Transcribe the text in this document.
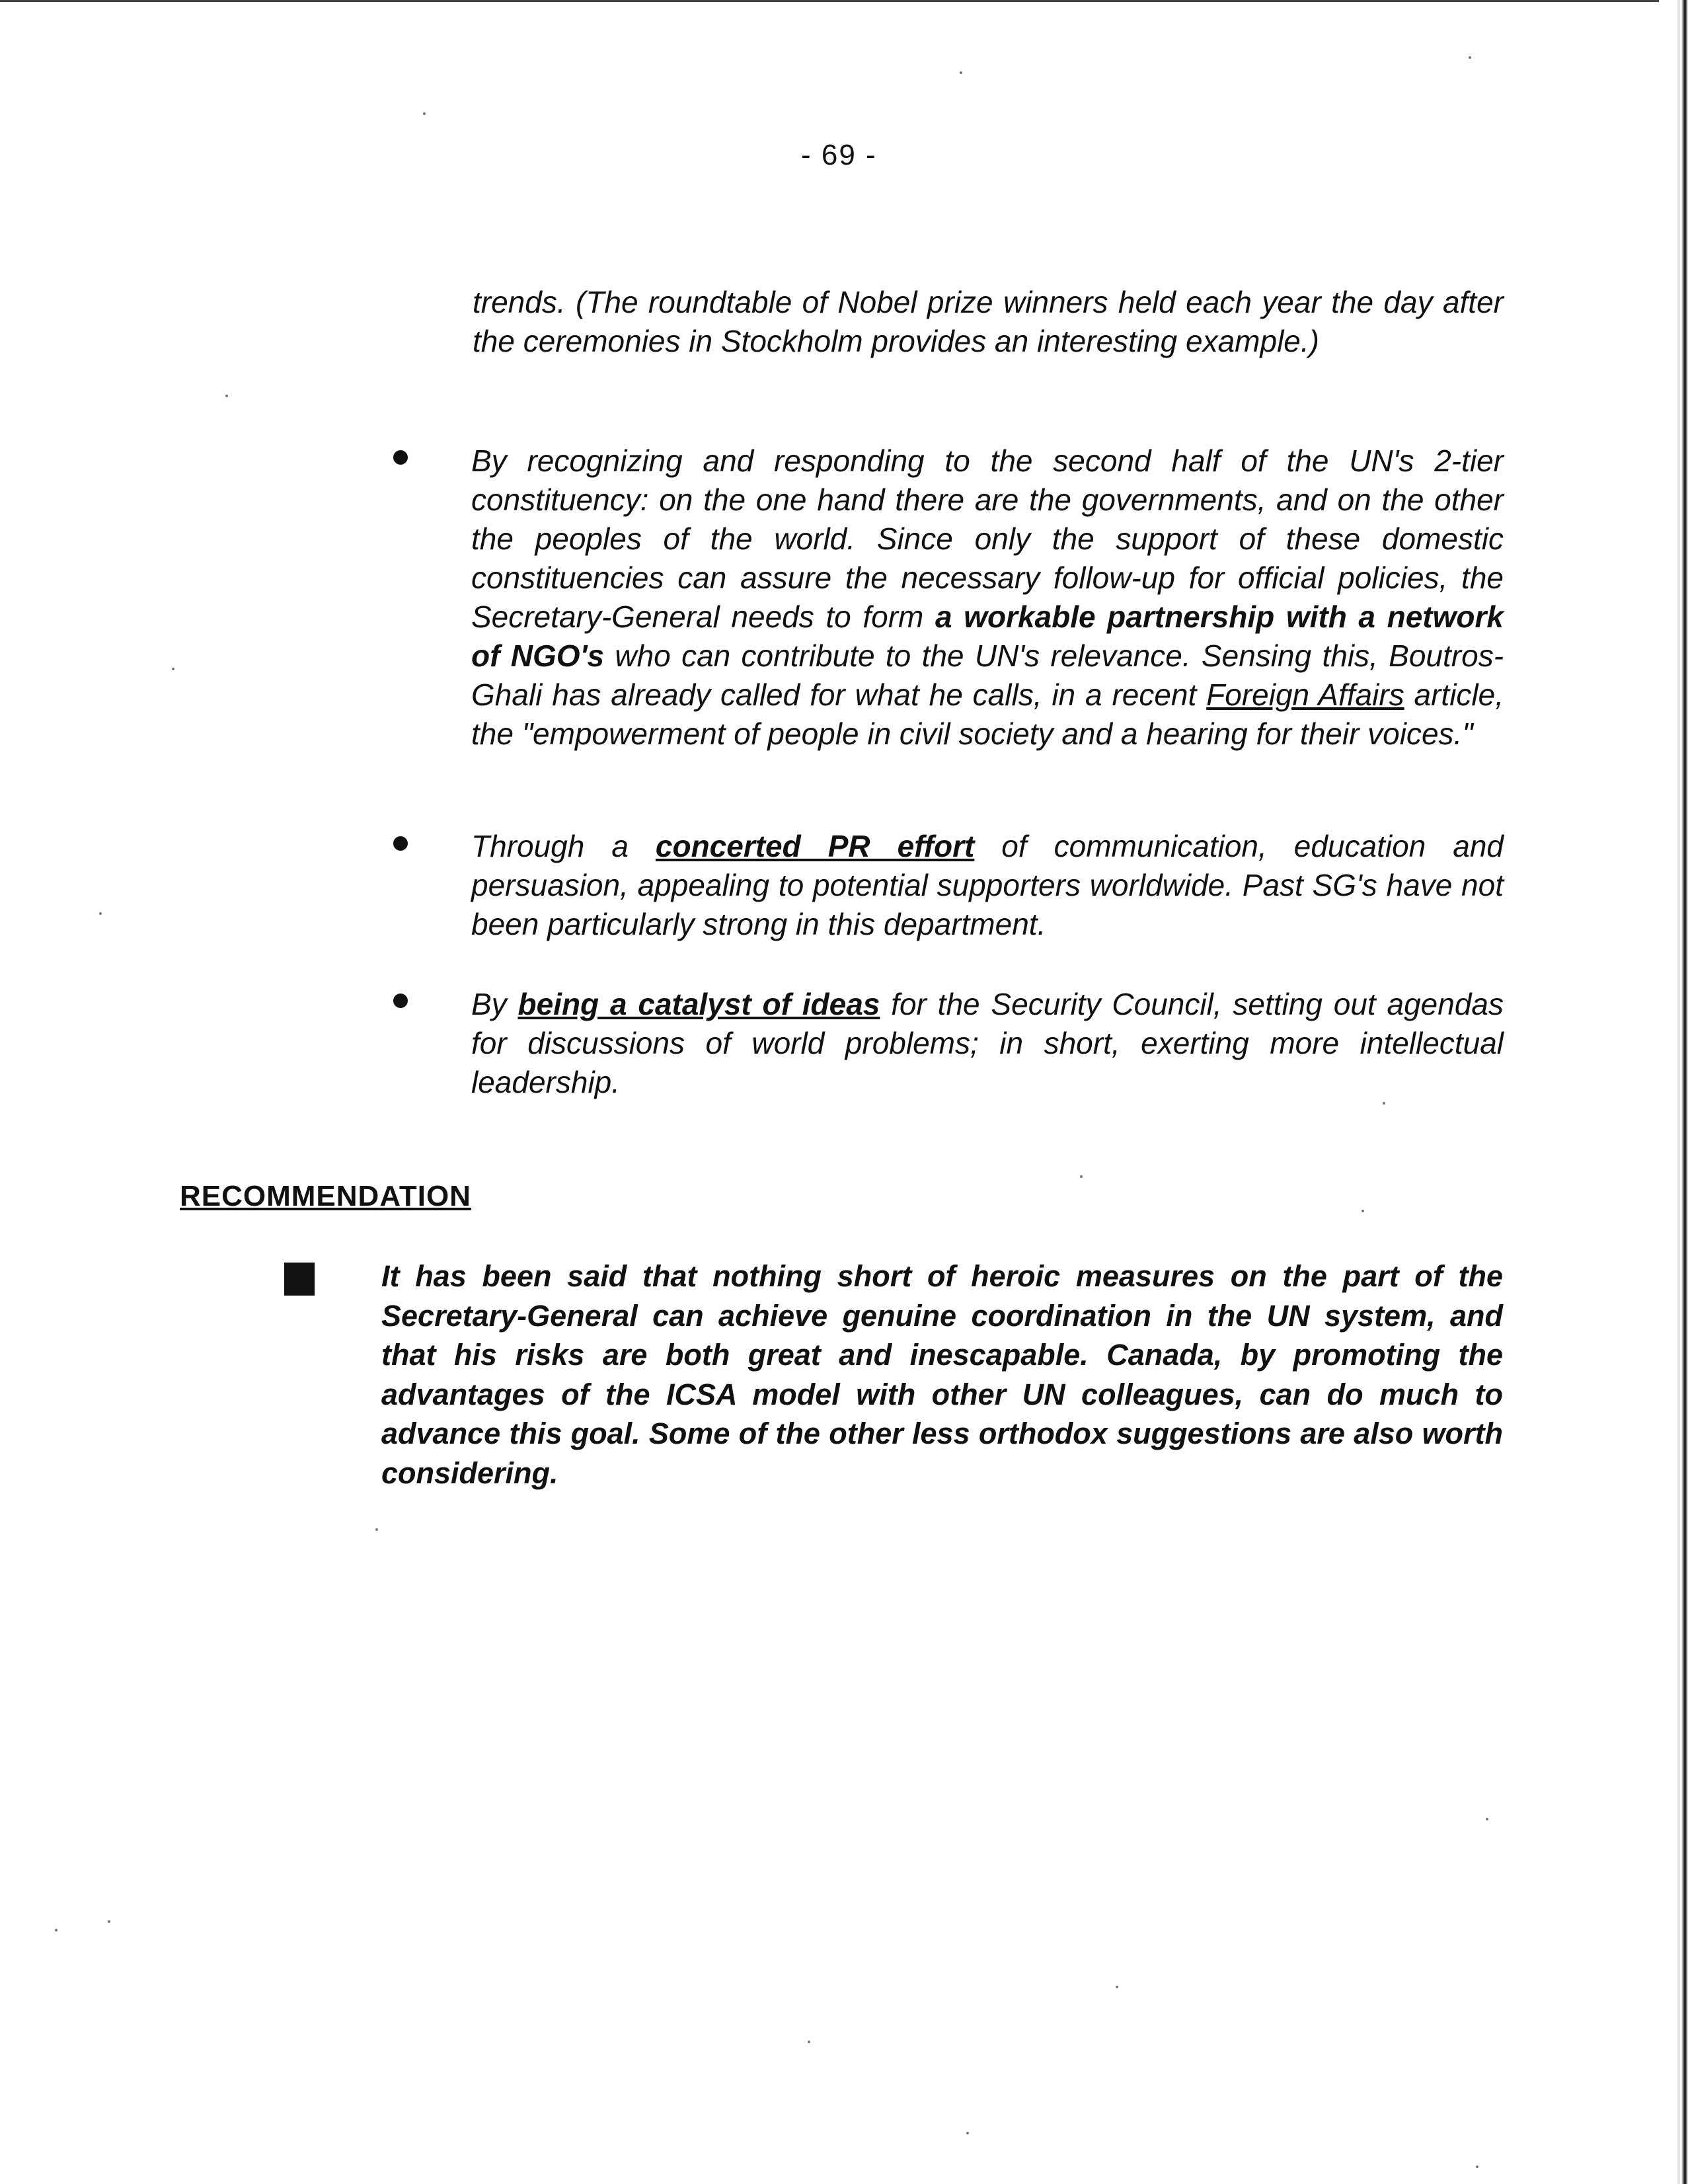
- 69 -

trends. (The roundtable of Nobel prize winners held each year the day after the ceremonies in Stockholm provides an interesting example.)

By recognizing and responding to the second half of the UN's 2-tier constituency: on the one hand there are the governments, and on the other the peoples of the world. Since only the support of these domestic constituencies can assure the necessary follow-up for official policies, the Secretary-General needs to form a workable partnership with a network of NGO's who can contribute to the UN's relevance. Sensing this, Boutros-Ghali has already called for what he calls, in a recent Foreign Affairs article, the "empowerment of people in civil society and a hearing for their voices."

Through a concerted PR effort of communication, education and persuasion, appealing to potential supporters worldwide. Past SG's have not been particularly strong in this department.

By being a catalyst of ideas for the Security Council, setting out agendas for discussions of world problems; in short, exerting more intellectual leadership.

RECOMMENDATION

It has been said that nothing short of heroic measures on the part of the Secretary-General can achieve genuine coordination in the UN system, and that his risks are both great and inescapable. Canada, by promoting the advantages of the ICSA model with other UN colleagues, can do much to advance this goal. Some of the other less orthodox suggestions are also worth considering.
